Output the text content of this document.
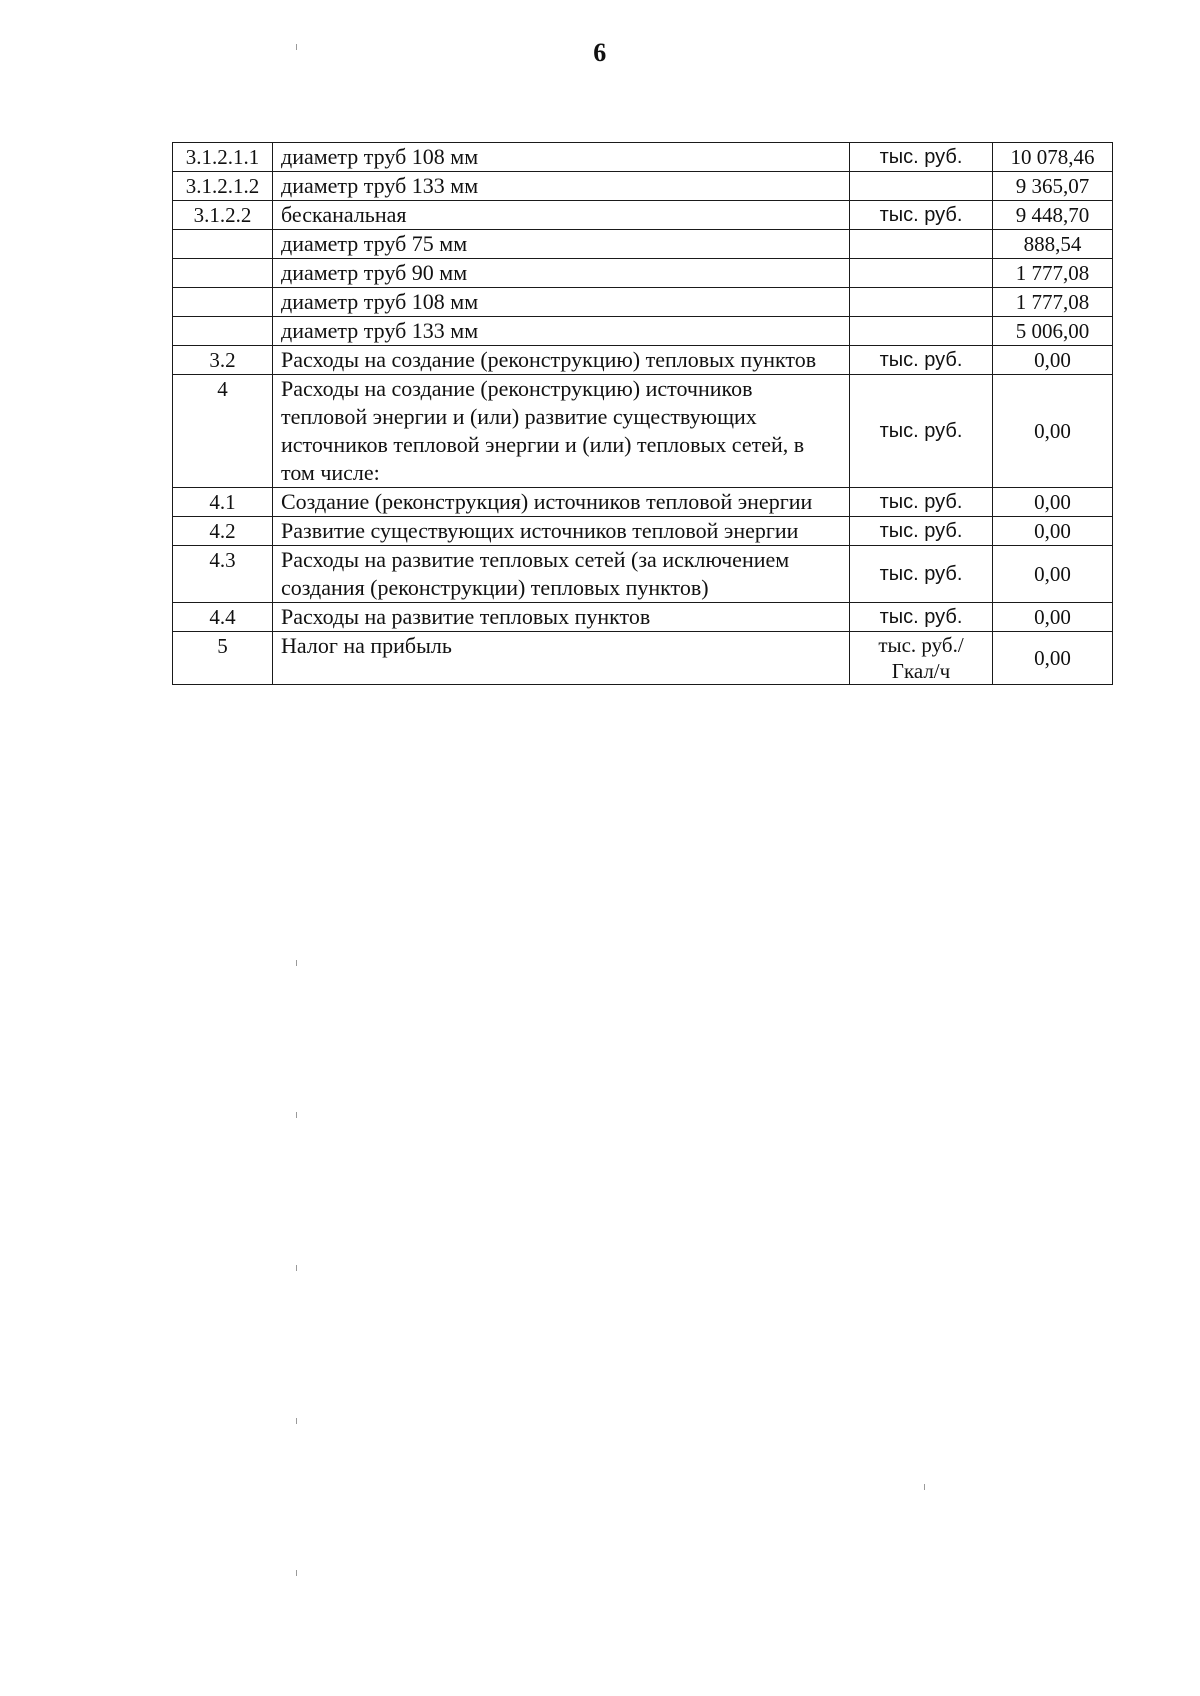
6
3.1.2.1.1	диаметр труб 108 мм	тыс. руб.	10 078,46
3.1.2.1.2	диаметр труб 133 мм		9 365,07
3.1.2.2	бесканальная	тыс. руб.	9 448,70
	диаметр труб 75 мм		888,54
	диаметр труб 90 мм		1 777,08
	диаметр труб 108 мм		1 777,08
	диаметр труб 133 мм		5 006,00
3.2	Расходы на создание (реконструкцию) тепловых пунктов	тыс. руб.	0,00
4	Расходы на создание (реконструкцию) источников тепловой энергии и (или) развитие существующих источников тепловой энергии и (или) тепловых сетей, в том числе:	тыс. руб.	0,00
4.1	Создание (реконструкция) источников тепловой энергии	тыс. руб.	0,00
4.2	Развитие существующих источников тепловой энергии	тыс. руб.	0,00
4.3	Расходы на развитие тепловых сетей (за исключением создания (реконструкции) тепловых пунктов)	тыс. руб.	0,00
4.4	Расходы на развитие тепловых пунктов	тыс. руб.	0,00
5	Налог на прибыль	тыс. руб./Гкал/ч	0,00
